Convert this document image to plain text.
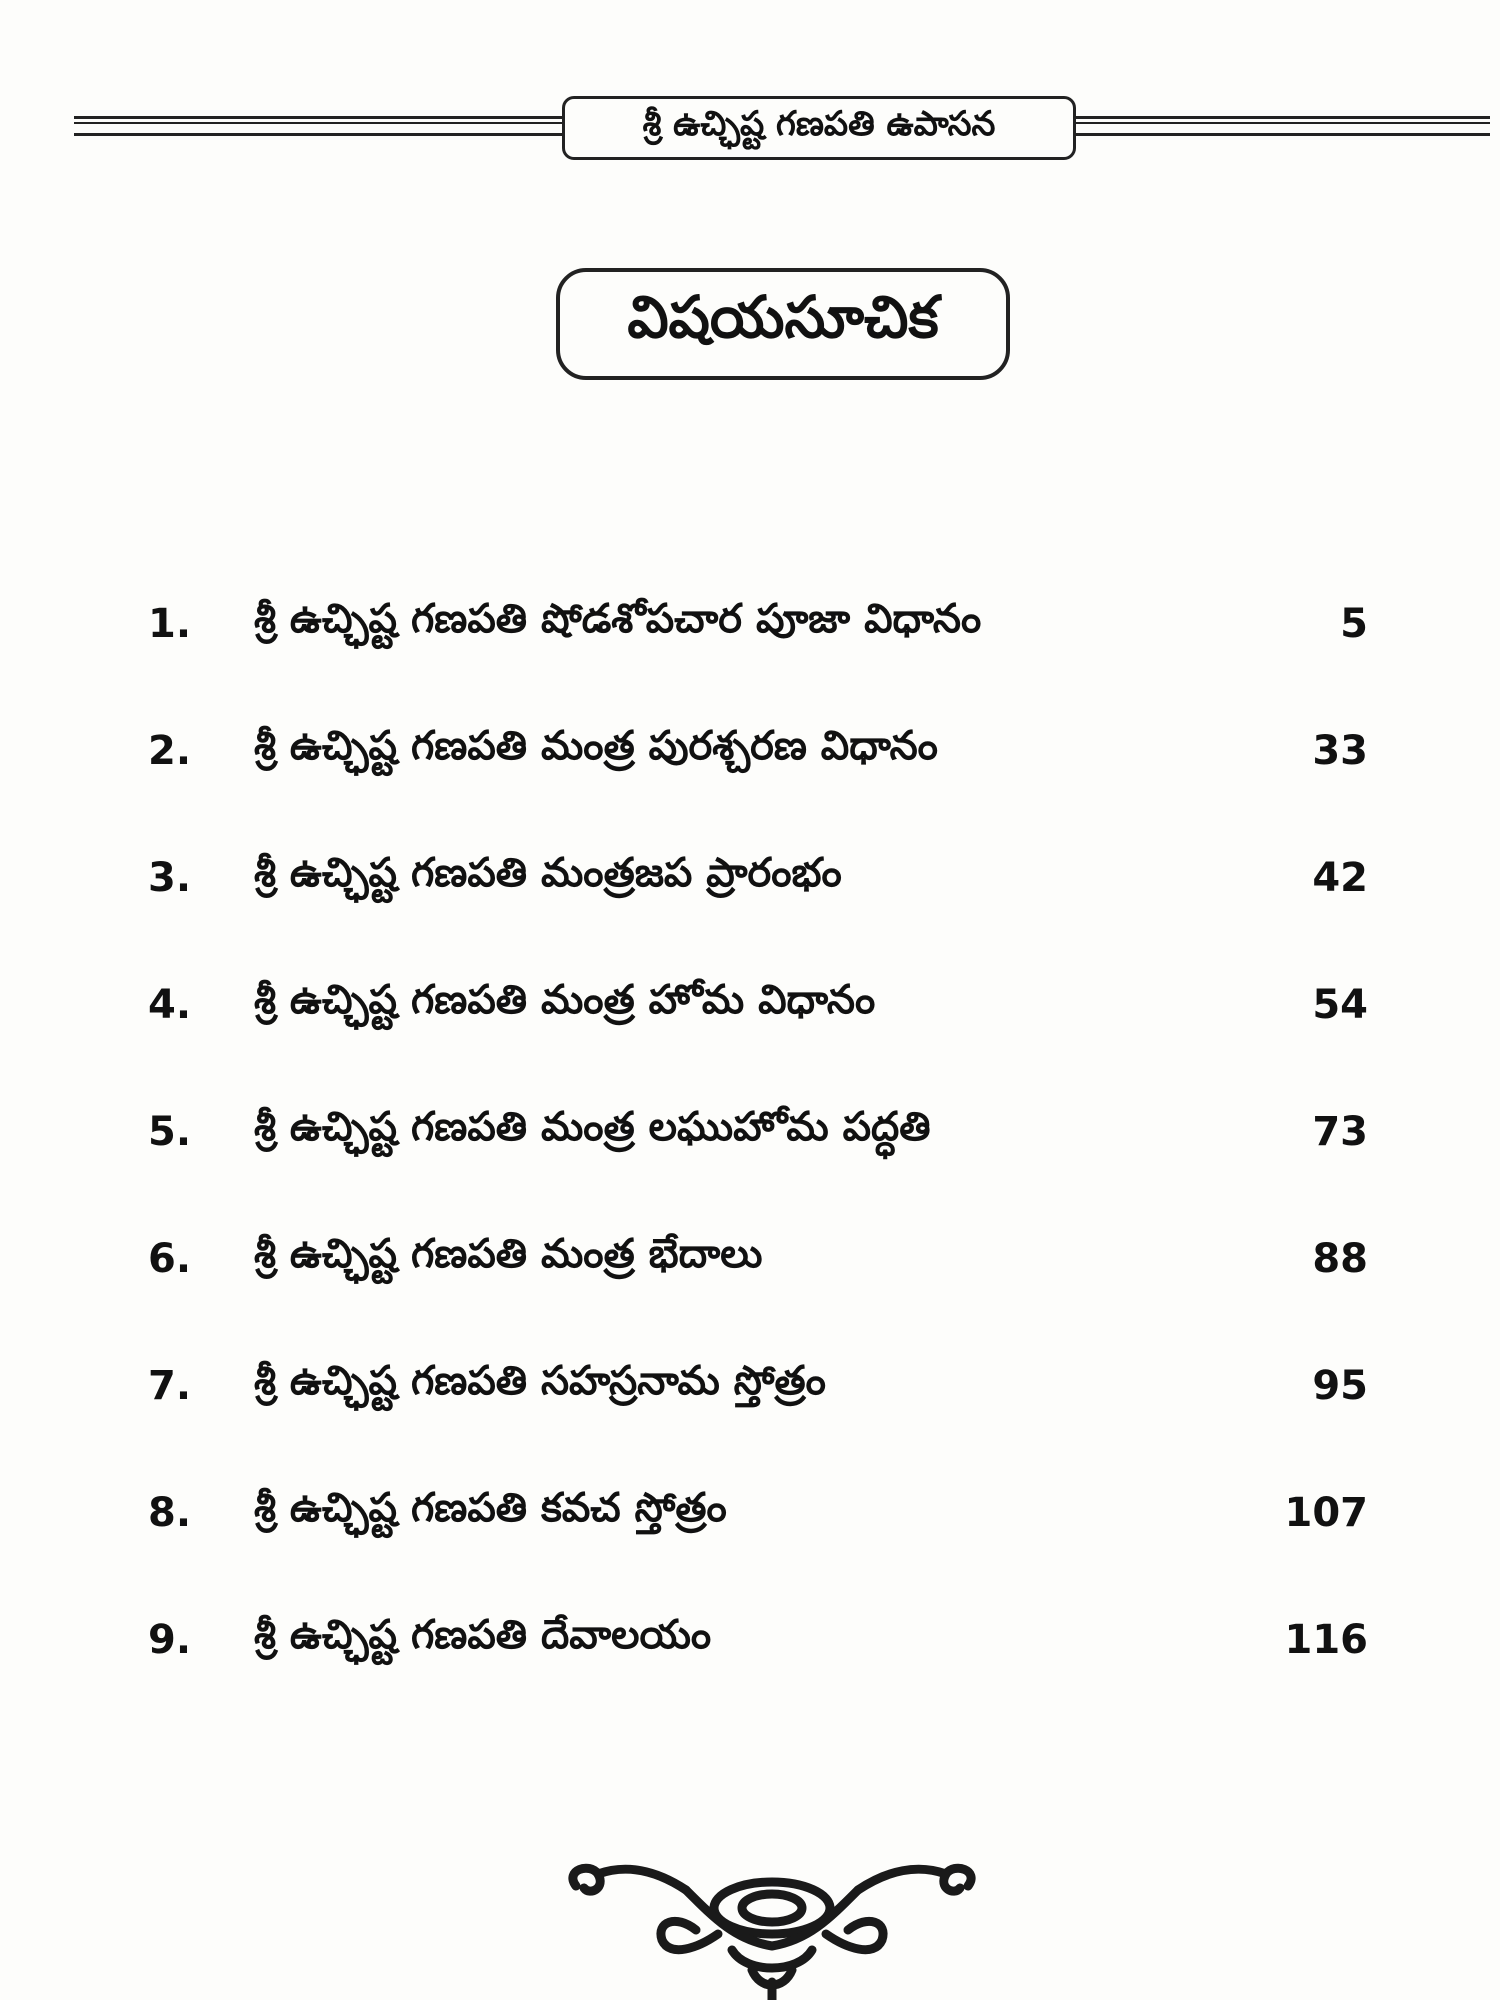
శ్రీ ఉచ్ఛిష్ట గణపతి ఉపాసన
విషయసూచిక
1.	శ్రీ ఉచ్ఛిష్ట గణపతి షోడశోపచార పూజా విధానం	5
2.	శ్రీ ఉచ్ఛిష్ట గణపతి మంత్ర పురశ్చరణ విధానం	33
3.	శ్రీ ఉచ్ఛిష్ట గణపతి మంత్రజప ప్రారంభం	42
4.	శ్రీ ఉచ్ఛిష్ట గణపతి మంత్ర హోమ విధానం	54
5.	శ్రీ ఉచ్ఛిష్ట గణపతి మంత్ర లఘుహోమ పద్ధతి	73
6.	శ్రీ ఉచ్ఛిష్ట గణపతి మంత్ర భేదాలు	88
7.	శ్రీ ఉచ్ఛిష్ట గణపతి సహస్రనామ స్తోత్రం	95
8.	శ్రీ ఉచ్ఛిష్ట గణపతి కవచ స్తోత్రం	107
9.	శ్రీ ఉచ్ఛిష్ట గణపతి దేవాలయం	116
